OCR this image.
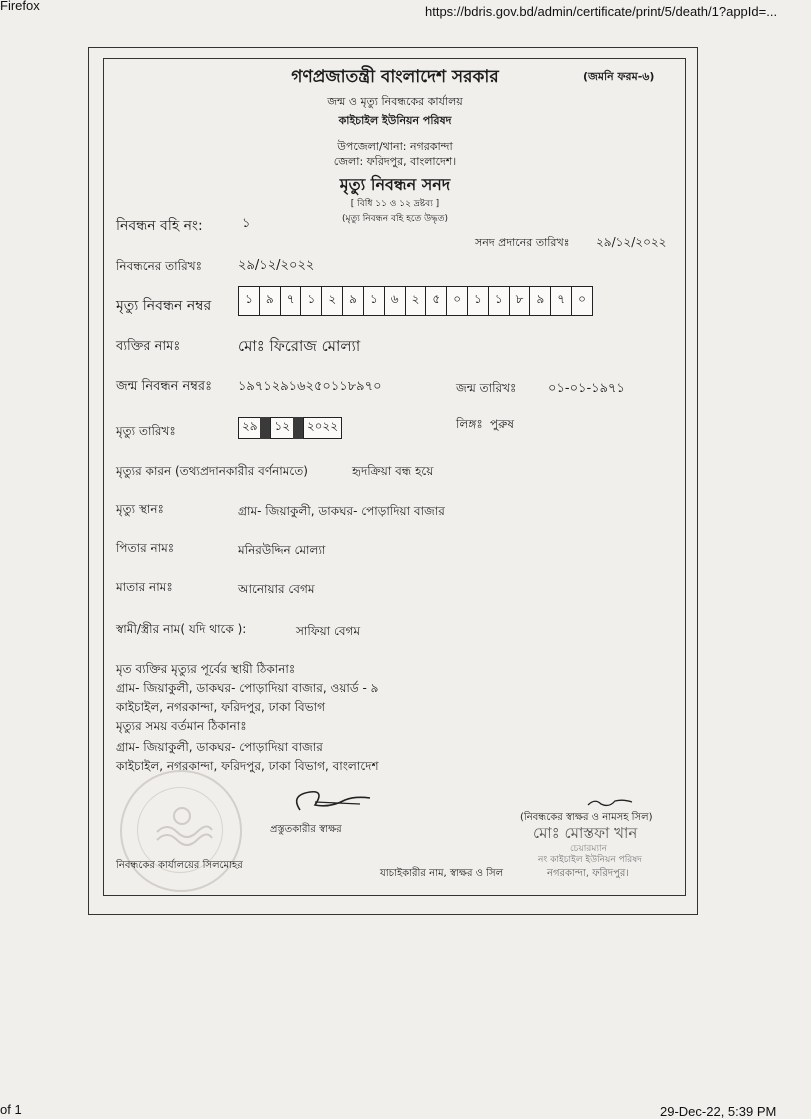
Firefox	https://bdris.gov.bd/admin/certificate/print/5/death/1?appId=...
of 1	29-Dec-22, 5:39 PM
গণপ্রজাতন্ত্রী বাংলাদেশ সরকার	(জমনি ফরম-৬)
জন্ম ও মৃত্যু নিবন্ধকের কার্যালয়
কাইচাইল ইউনিয়ন পরিষদ
উপজেলা/থানা: নগরকান্দা
জেলা: ফরিদপুর, বাংলাদেশ।
মৃত্যু নিবন্ধন সনদ
[ বিধি ১১ ও ১২ দ্রষ্টব্য ]
(মৃত্যু নিবন্ধন বহি হতে উদ্ধৃত)
নিবন্ধন বহি নং:	১
সনদ প্রদানের তারিখঃ ২৯/১২/২০২২
নিবন্ধনের তারিখঃ	২৯/১২/২০২২
মৃত্যু নিবন্ধন নম্বর	১	৯	৭	১	২	৯	১	৬	২	৫	০	১	১	৮	৯	৭	০
ব্যক্তির নামঃ	মোঃ ফিরোজ মোল্যা
জন্ম নিবন্ধন নম্বরঃ ১৯৭১২৯১৬২৫০১১৮৯৭০	জন্ম তারিখঃ ০১-০১-১৯৭১
মৃত্যু তারিখঃ	২৯	১২	২০২২	লিঙ্গঃ পুরুষ
মৃত্যুর কারন (তথ্যপ্রদানকারীর বর্ণনামতে)	হৃদক্রিয়া বন্ধ হয়ে
মৃত্যু স্থানঃ	গ্রাম- জিয়াকুলী, ডাকঘর- পোড়াদিয়া বাজার
পিতার নামঃ	মনিরউদ্দিন মোল্যা
মাতার নামঃ	আনোয়ার বেগম
স্বামী/স্ত্রীর নাম( যদি থাকে ):	সাফিয়া বেগম
মৃত ব্যক্তির মৃত্যুর পূর্বের স্থায়ী ঠিকানাঃ
গ্রাম- জিয়াকুলী, ডাকঘর- পোড়াদিয়া বাজার, ওয়ার্ড - ৯
কাইচাইল, নগরকান্দা, ফরিদপুর, ঢাকা বিভাগ
মৃত্যুর সময় বর্তমান ঠিকানাঃ
গ্রাম- জিয়াকুলী, ডাকঘর- পোড়াদিয়া বাজার
কাইচাইল, নগরকান্দা, ফরিদপুর, ঢাকা বিভাগ, বাংলাদেশ
প্রস্তুতকারীর স্বাক্ষর
(নিবন্ধকের স্বাক্ষর ও নামসহ সিল)
মোঃ মোস্তফা খান
চেয়ারম্যান
নং কাইচাইল ইউনিয়ন পরিষদ
নগরকান্দা, ফরিদপুর।
নিবন্ধকের কার্যালয়ের সিলমোহর
যাচাইকারীর নাম, স্বাক্ষর ও সিল
